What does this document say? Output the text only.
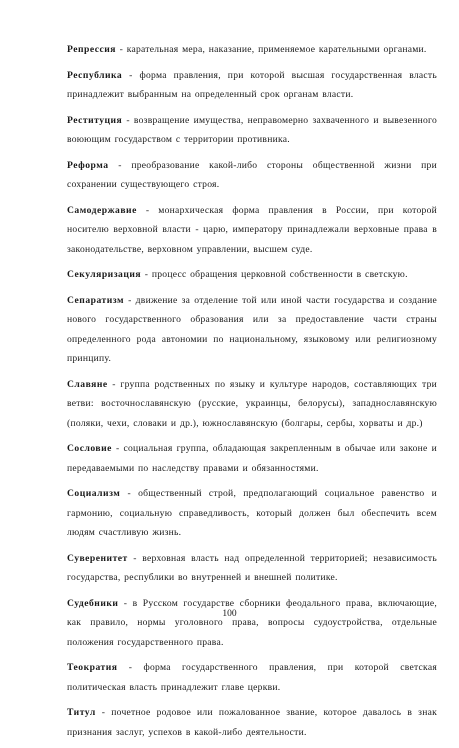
Репрессия - карательная мера, наказание, применяемое карательными органами.

Республика - форма правления, при которой высшая государственная власть принадлежит выбранным на определенный срок органам власти.

Реституция - возвращение имущества, неправомерно захваченного и вывезенного воюющим государством с территории противника.

Реформа - преобразование какой-либо стороны общественной жизни при сохранении существующего строя.

Самодержавие - монархическая форма правления в России, при которой носителю верховной власти - царю, императору принадлежали верховные права в законодательстве, верховном управлении, высшем суде.

Секуляризация - процесс обращения церковной собственности в светскую.

Сепаратизм - движение за отделение той или иной части государства и создание нового государственного образования или за предоставление части страны определенного рода автономии по национальному, языковому или религиозному принципу.

Славяне - группа родственных по языку и культуре народов, составляющих три ветви: восточнославянскую (русские, украинцы, белорусы), западнославянскую (поляки, чехи, словаки и др.), южнославянскую (болгары, сербы, хорваты и др.)

Сословие - социальная группа, обладающая закрепленным в обычае или законе и передаваемыми по наследству правами и обязанностями.

Социализм - общественный строй, предполагающий социальное равенство и гармонию, социальную справедливость, который должен был обеспечить всем людям счастливую жизнь.

Суверенитет - верховная власть над определенной территорией; независимость государства, республики во внутренней и внешней политике.

Судебники - в Русском государстве сборники феодального права, включающие, как правило, нормы уголовного права, вопросы судоустройства, отдельные положения государственного права.

Теократия - форма государственного правления, при которой светская политическая власть принадлежит главе церкви.

Титул - почетное родовое или пожалованное звание, которое давалось в знак признания заслуг, успехов в какой-либо деятельности.

100
